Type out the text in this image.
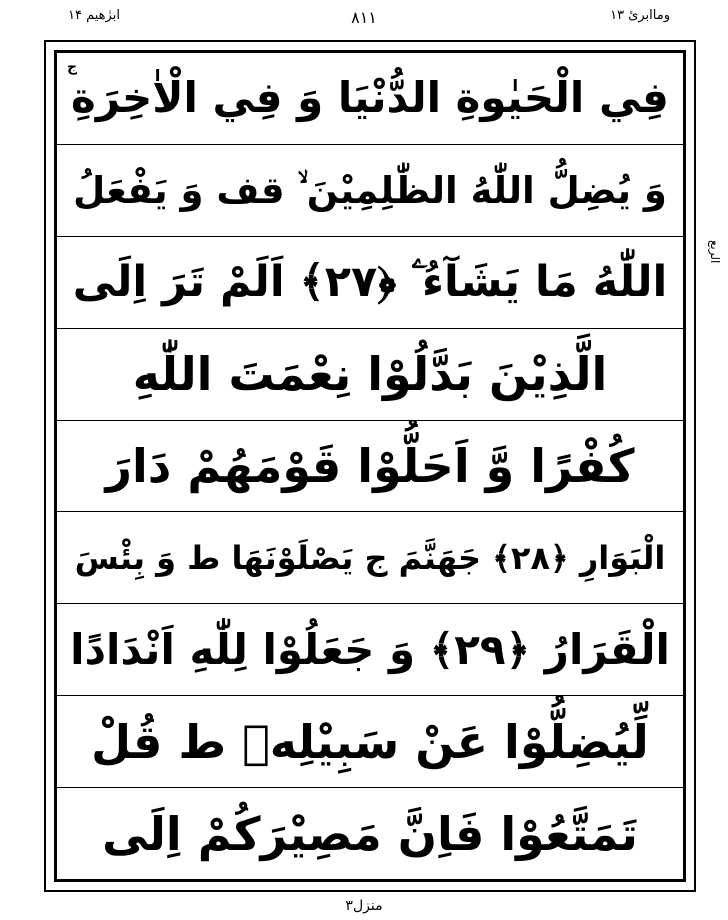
ابرٰهيم ١۴	۸۱۱	وماابرئ ١٣
ج
فِي الْحَيٰوةِ الدُّنْيَا وَ فِي الْاٰخِرَةِ
وَ يُضِلُّ اللّٰهُ الظّٰلِمِيْنَ ۙ قف وَ يَفْعَلُ
اللّٰهُ مَا يَشَآءُ ۧ ﴿٢٧﴾ اَلَمْ تَرَ اِلَى
الَّذِيْنَ بَدَّلُوْا نِعْمَتَ اللّٰهِ
كُفْرًا وَّ اَحَلُّوْا قَوْمَهُمْ دَارَ
الْبَوَارِ ﴿٢٨﴾ جَهَنَّمَ ج يَصْلَوْنَهَا ط وَ بِئْسَ
الْقَرَارُ ﴿٢٩﴾ وَ جَعَلُوْا لِلّٰهِ اَنْدَادًا
لِّيُضِلُّوْا عَنْ سَبِيْلِهٖ ط قُلْ
تَمَتَّعُوْا فَاِنَّ مَصِيْرَكُمْ اِلَى
الربع
منزل٣
